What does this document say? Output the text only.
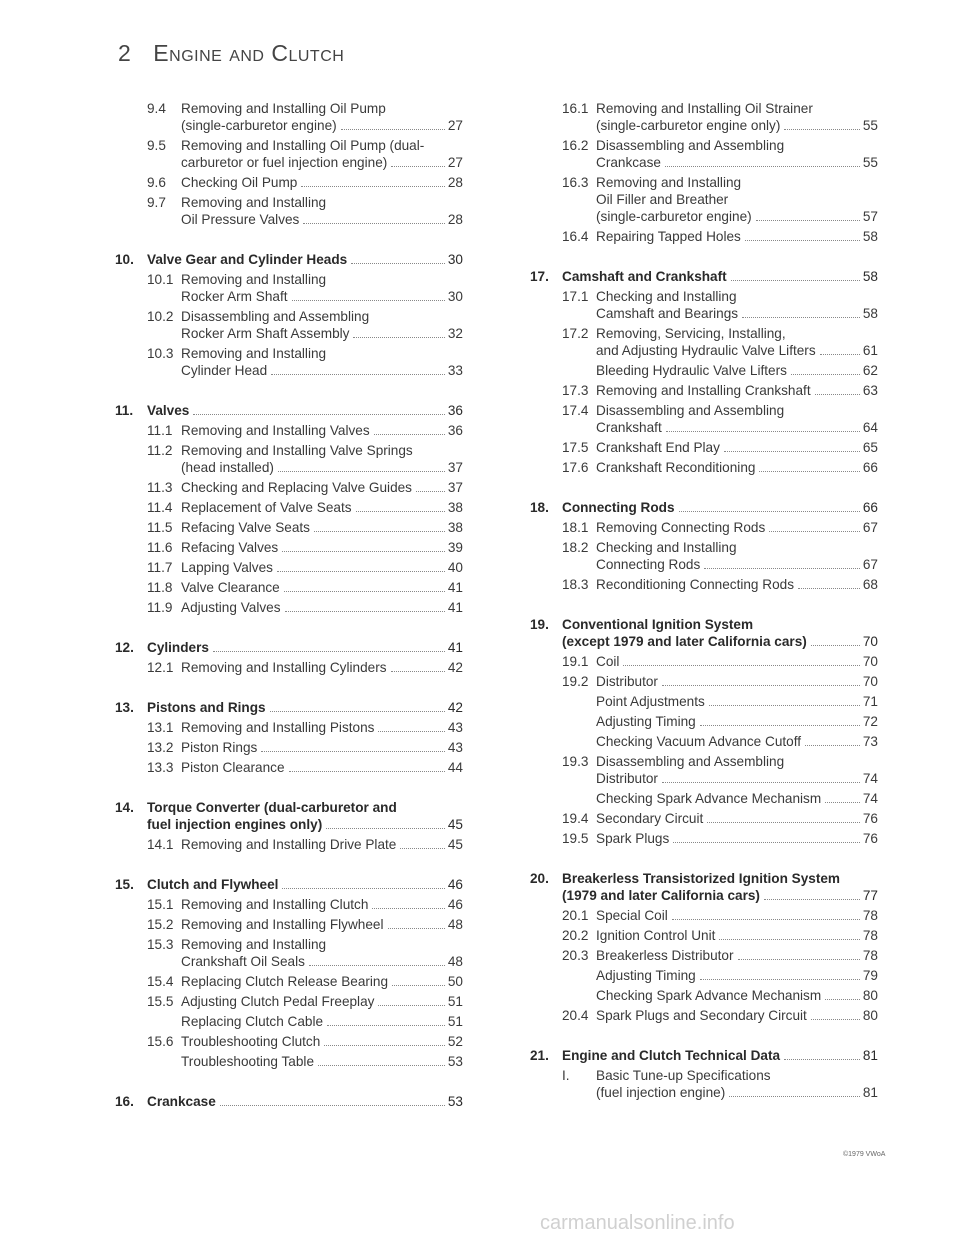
2 Engine and Clutch
9.4	Removing and Installing Oil Pump
(single-carburetor engine)	27
9.5	Removing and Installing Oil Pump (dual-
carburetor or fuel injection engine)	27
9.6	Checking Oil Pump	28
9.7	Removing and Installing
Oil Pressure Valves	28
10. Valve Gear and Cylinder Heads	30
10.1 Removing and Installing
Rocker Arm Shaft	30
10.2 Disassembling and Assembling
Rocker Arm Shaft Assembly	32
10.3 Removing and Installing
Cylinder Head	33
11.	Valves	36
11.1 Removing and Installing Valves	36
11.2 Removing and Installing Valve Springs
(head installed)	37
11.3 Checking and Replacing Valve Guides	37
11.4 Replacement of Valve Seats	38
11.5 Refacing Valve Seats	38
11.6 Refacing Valves	39
11.7 Lapping Valves	40
11.8 Valve Clearance	41
11.9 Adjusting Valves	41
12. Cylinders	41
12.1 Removing and Installing Cylinders	42
13. Pistons and Rings	42
13.1 Removing and Installing Pistons	43
13.2 Piston Rings	43
13.3 Piston Clearance	44
14. Torque Converter (dual-carburetor and
fuel injection engines only)	45
14.1 Removing and Installing Drive Plate	45
15. Clutch and Flywheel	46
15.1 Removing and Installing Clutch	46
15.2 Removing and Installing Flywheel	48
15.3 Removing and Installing
Crankshaft Oil Seals	48
15.4 Replacing Clutch Release Bearing	50
15.5 Adjusting Clutch Pedal Freeplay	51
Replacing Clutch Cable	51
15.6 Troubleshooting Clutch	52
Troubleshooting Table	53
16. Crankcase	53
16.1 Removing and Installing Oil Strainer
(single-carburetor engine only)	55
16.2 Disassembling and Assembling
Crankcase	55
16.3 Removing and Installing
Oil Filler and Breather
(single-carburetor engine)	57
16.4 Repairing Tapped Holes	58
17. Camshaft and Crankshaft	58
17.1 Checking and Installing
Camshaft and Bearings	58
17.2 Removing, Servicing, Installing,
and Adjusting Hydraulic Valve Lifters	61
Bleeding Hydraulic Valve Lifters	62
17.3 Removing and Installing Crankshaft	63
17.4 Disassembling and Assembling
Crankshaft	64
17.5 Crankshaft End Play	65
17.6 Crankshaft Reconditioning	66
18. Connecting Rods	66
18.1 Removing Connecting Rods	67
18.2 Checking and Installing
Connecting Rods	67
18.3 Reconditioning Connecting Rods	68
19. Conventional Ignition System
(except 1979 and later California cars)	70
19.1 Coil	70
19.2 Distributor	70
Point Adjustments	71
Adjusting Timing	72
Checking Vacuum Advance Cutoff	73
19.3 Disassembling and Assembling
Distributor	74
Checking Spark Advance Mechanism	74
19.4 Secondary Circuit	76
19.5 Spark Plugs	76
20. Breakerless Transistorized Ignition System
(1979 and later California cars)	77
20.1 Special Coil	78
20.2 Ignition Control Unit	78
20.3 Breakerless Distributor	78
Adjusting Timing	79
Checking Spark Advance Mechanism	80
20.4 Spark Plugs and Secondary Circuit	80
21. Engine and Clutch Technical Data	81
I.	Basic Tune-up Specifications
(fuel injection engine)	81
©1979 VWoA
carmanualsonline.info
